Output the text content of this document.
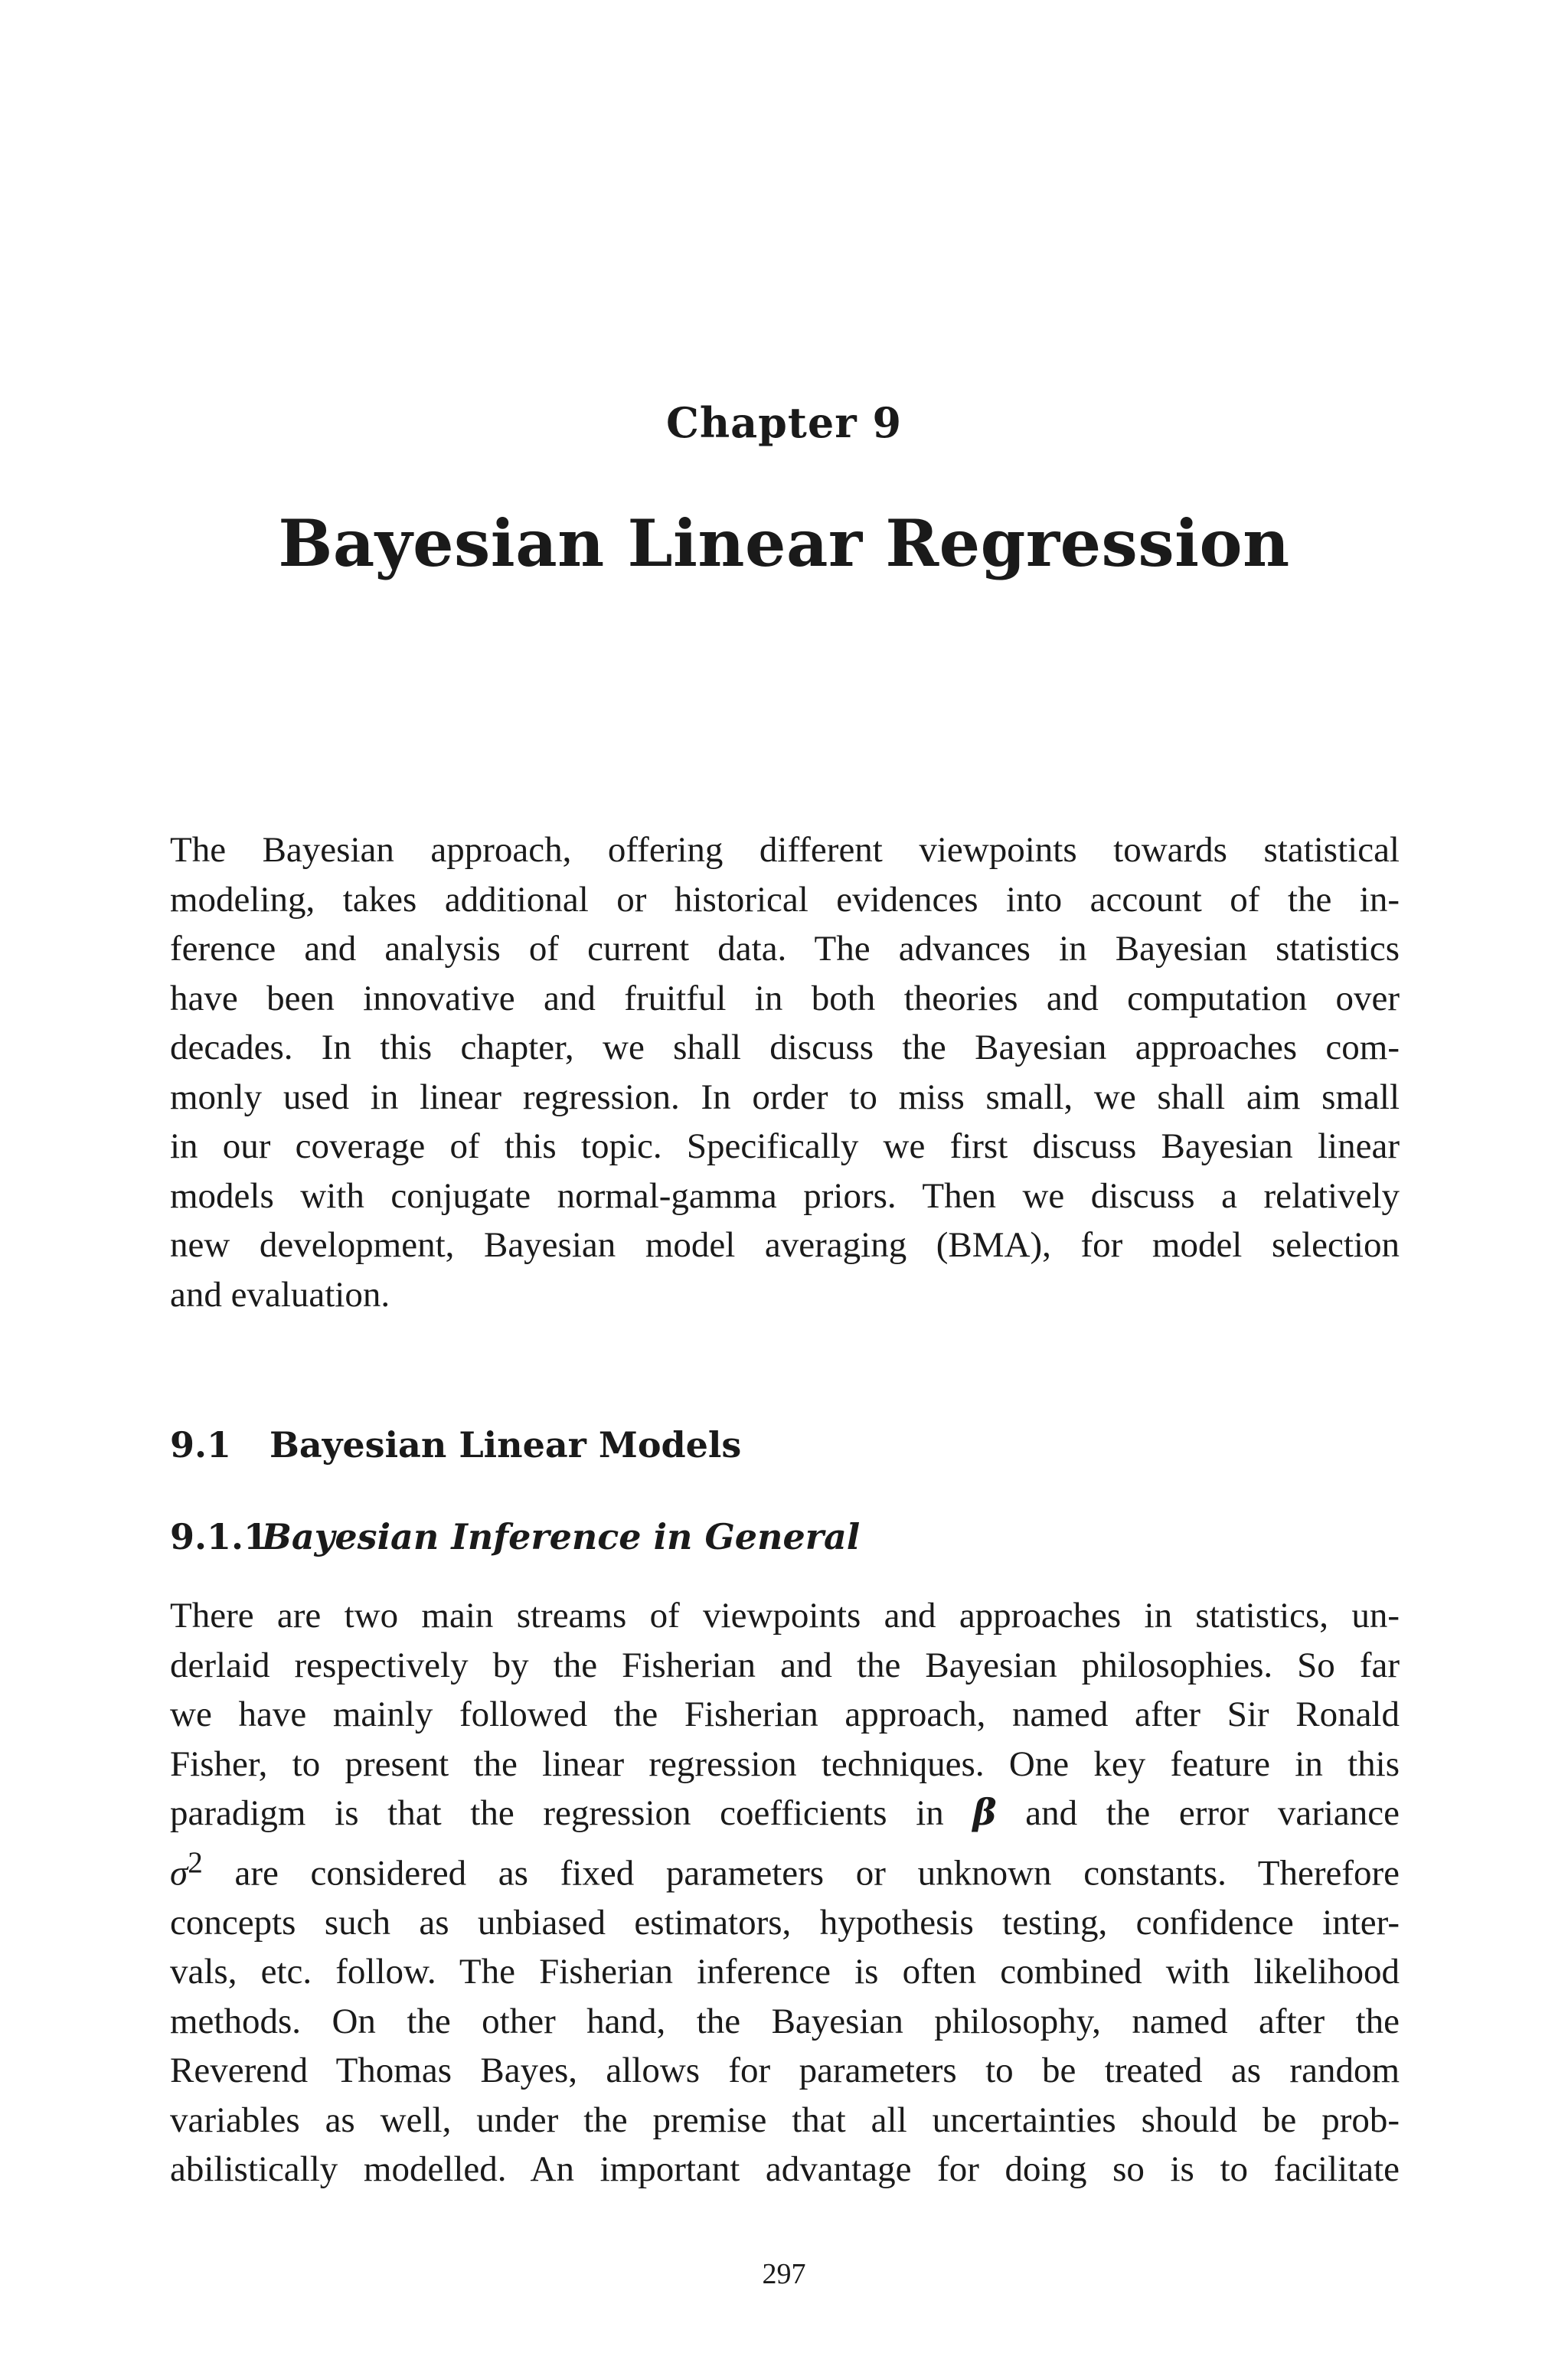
Chapter 9
Bayesian Linear Regression
The Bayesian approach, offering different viewpoints towards statistical
modeling, takes additional or historical evidences into account of the in-
ference and analysis of current data. The advances in Bayesian statistics
have been innovative and fruitful in both theories and computation over
decades. In this chapter, we shall discuss the Bayesian approaches com-
monly used in linear regression. In order to miss small, we shall aim small
in our coverage of this topic. Specifically we first discuss Bayesian linear
models with conjugate normal-gamma priors. Then we discuss a relatively
new development, Bayesian model averaging (BMA), for model selection
and evaluation.
9.1 Bayesian Linear Models
9.1.1Bayesian Inference in General
There are two main streams of viewpoints and approaches in statistics, un-
derlaid respectively by the Fisherian and the Bayesian philosophies. So far
we have mainly followed the Fisherian approach, named after Sir Ronald
Fisher, to present the linear regression techniques. One key feature in this
paradigm is that the regression coefficients in β and the error variance
$\sigma^2$ are considered as fixed parameters or unknown constants. Therefore
concepts such as unbiased estimators, hypothesis testing, confidence inter-
vals, etc. follow. The Fisherian inference is often combined with likelihood
methods. On the other hand, the Bayesian philosophy, named after the
Reverend Thomas Bayes, allows for parameters to be treated as random
variables as well, under the premise that all uncertainties should be prob-
abilistically modelled. An important advantage for doing so is to facilitate
297
